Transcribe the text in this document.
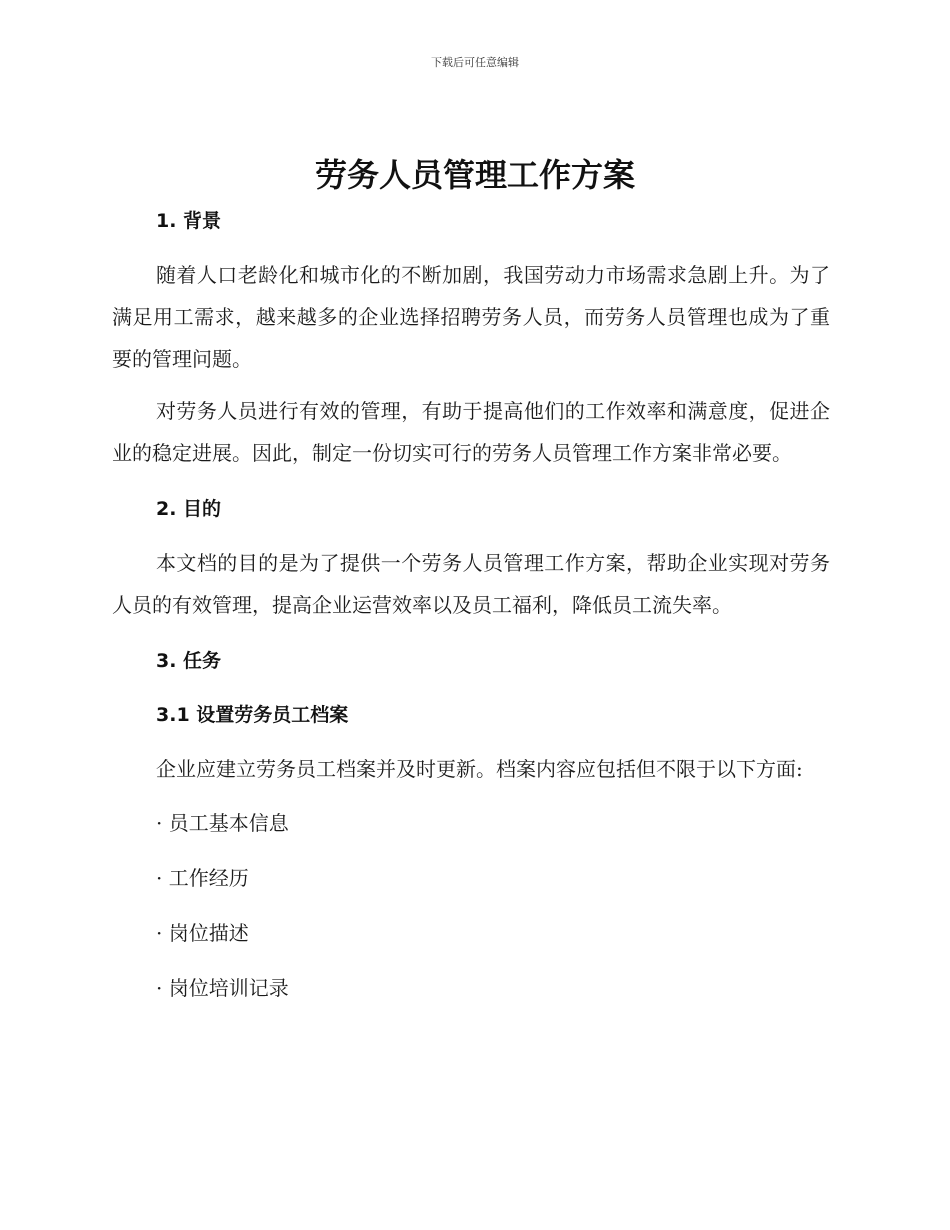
下载后可任意编辑
劳务人员管理工作方案

1. 背景

随着人口老龄化和城市化的不断加剧，我国劳动力市场需求急剧上升。为了满足用工需求，越来越多的企业选择招聘劳务人员，而劳务人员管理也成为了重要的管理问题。

对劳务人员进行有效的管理，有助于提高他们的工作效率和满意度，促进企业的稳定进展。因此，制定一份切实可行的劳务人员管理工作方案非常必要。

2. 目的

本文档的目的是为了提供一个劳务人员管理工作方案，帮助企业实现对劳务人员的有效管理，提高企业运营效率以及员工福利，降低员工流失率。

3. 任务

3.1 设置劳务员工档案

企业应建立劳务员工档案并及时更新。档案内容应包括但不限于以下方面:

· 员工基本信息

· 工作经历

· 岗位描述

· 岗位培训记录
